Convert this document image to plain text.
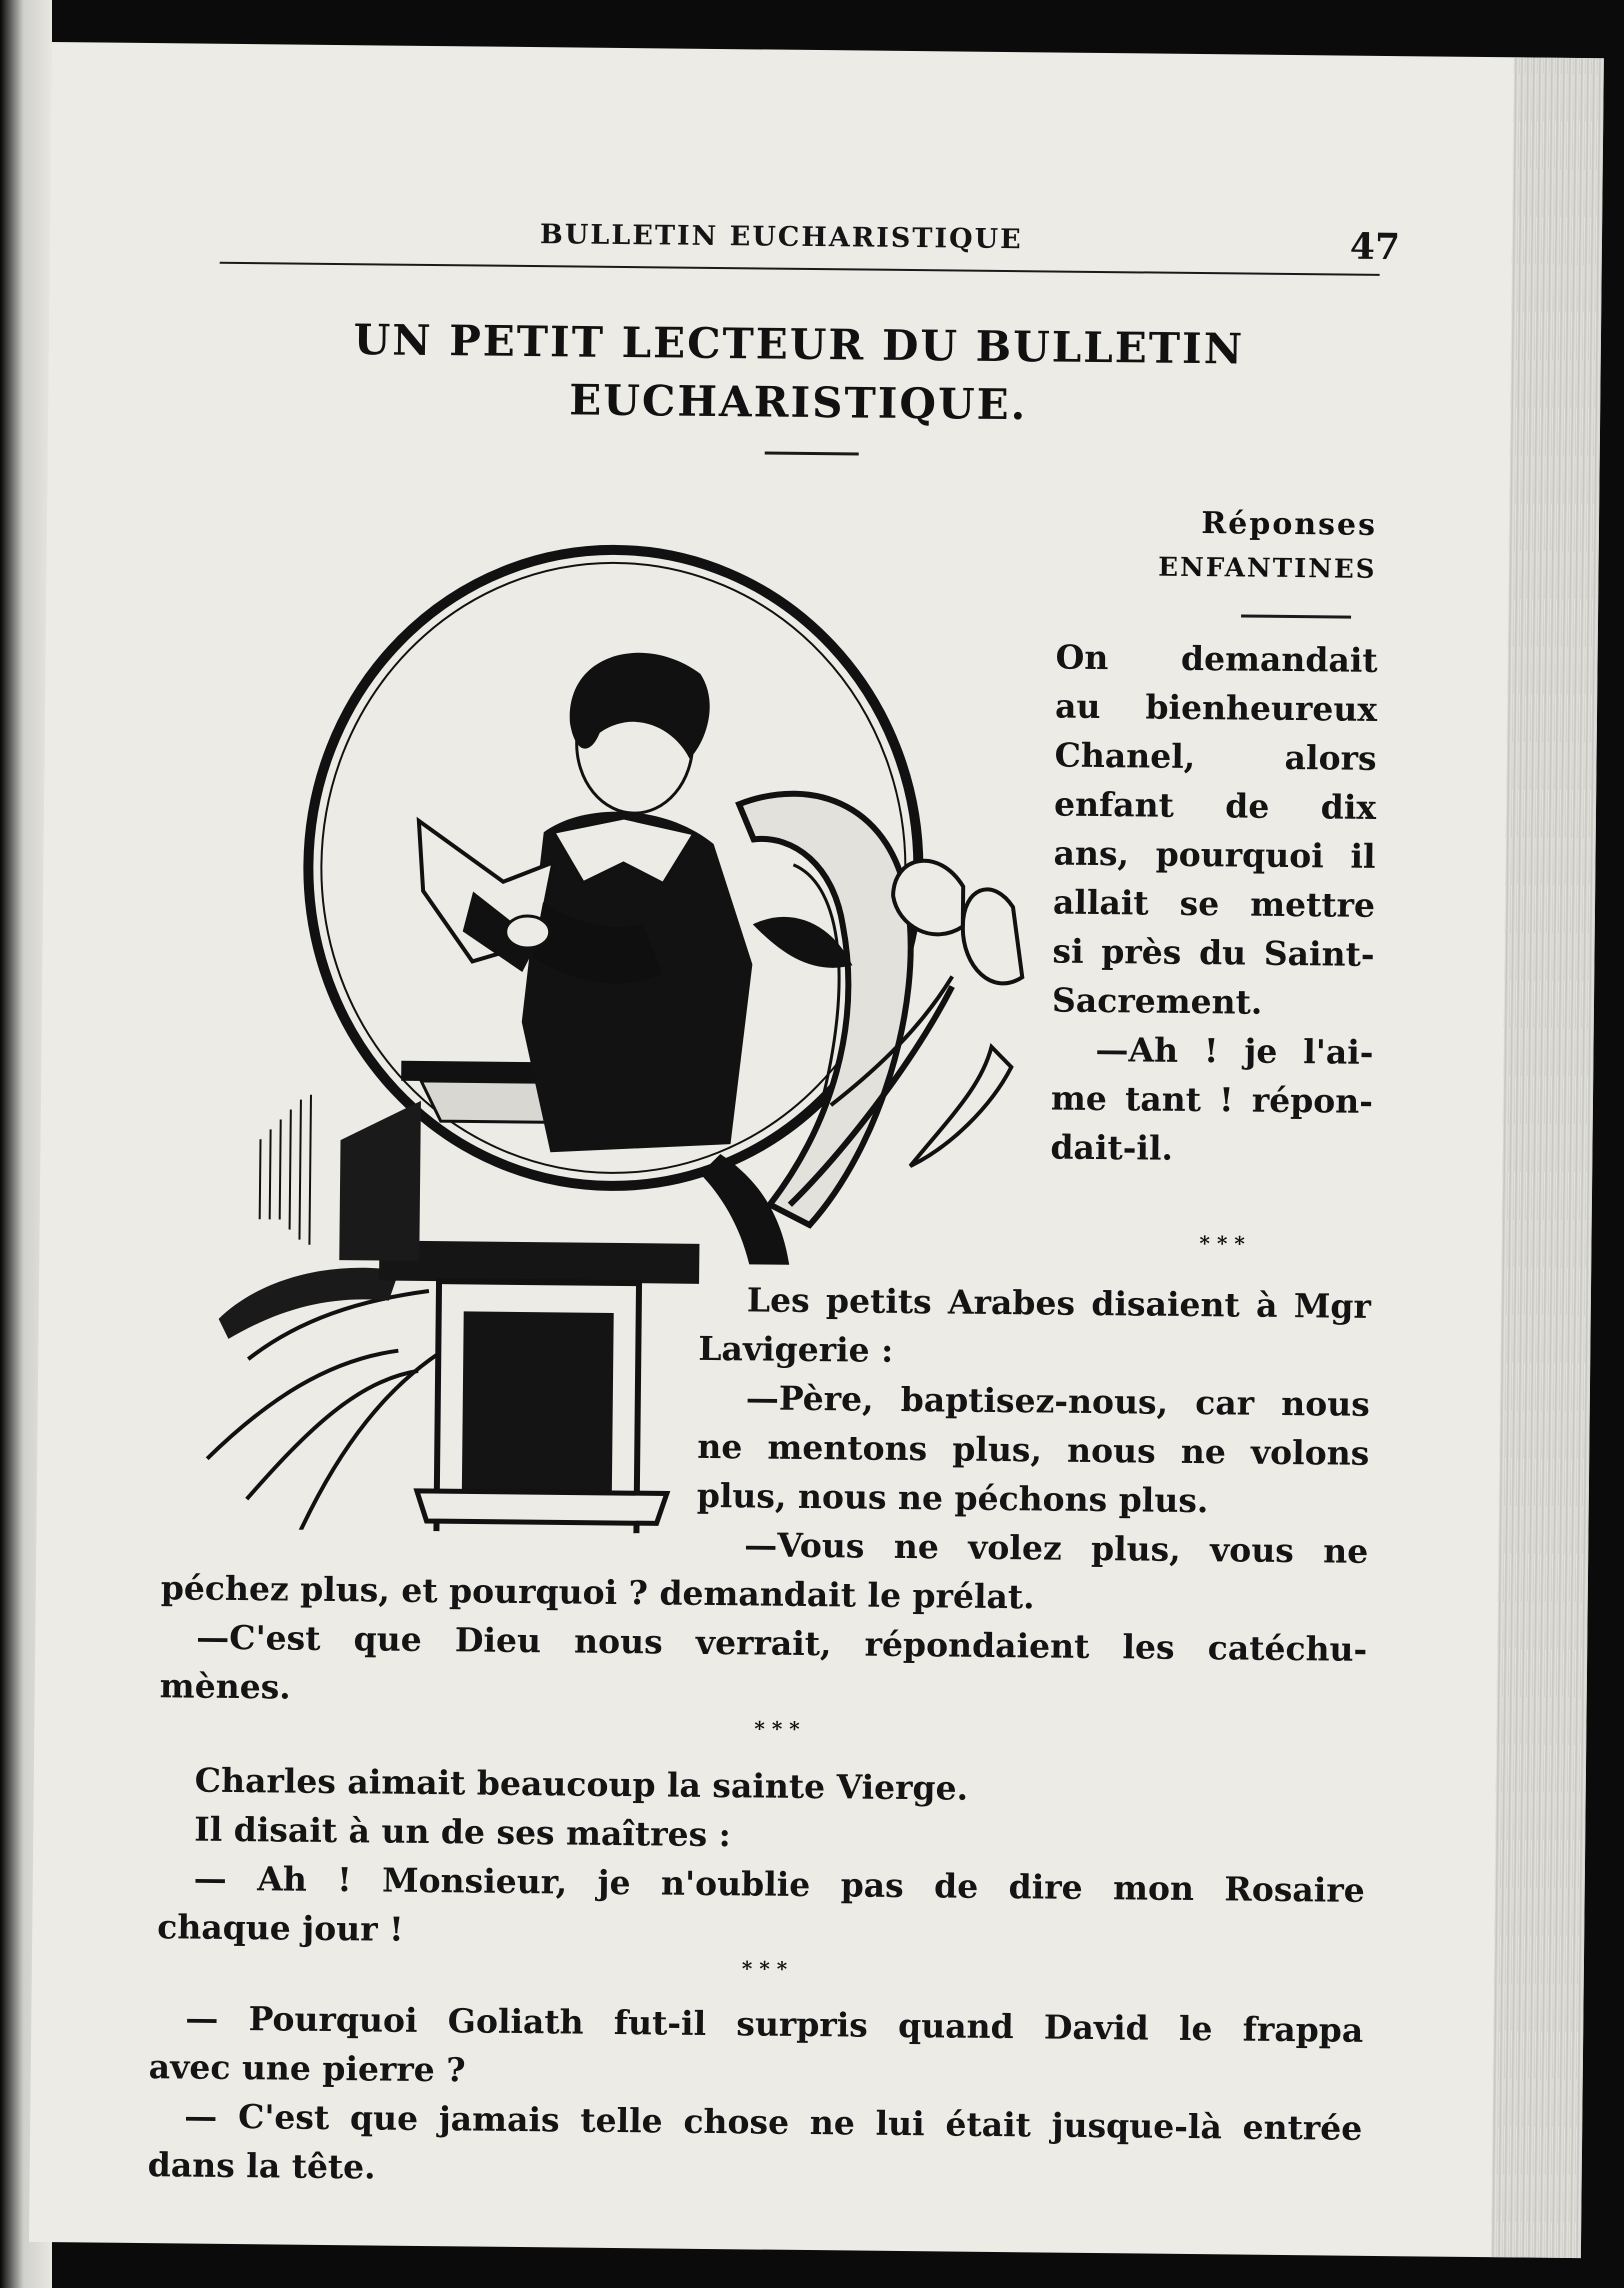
BULLETIN EUCHARISTIQUE	47
UN PETIT LECTEUR DU BULLETIN
EUCHARISTIQUE.
Réponses
ENFANTINES

On demandait

au bienheureux

Chanel, alors

enfant de dix

ans, pourquoi il

allait se mettre

si près du Saint-

Sacrement.

—Ah ! je l'ai-

me tant ! répon-

dait-il.

* * *

Les petits Arabes disaient à Mgr

Lavigerie :

—Père, baptisez-nous, car nous

ne mentons plus, nous ne volons

plus, nous ne péchons plus.

—Vous ne volez plus, vous ne

péchez plus, et pourquoi ? demandait le prélat.

—C'est que Dieu nous verrait, répondaient les catéchu-

mènes.

* * *

Charles aimait beaucoup la sainte Vierge.

Il disait à un de ses maîtres :

— Ah ! Monsieur, je n'oublie pas de dire mon Rosaire

chaque jour !

* * *

— Pourquoi Goliath fut-il surpris quand David le frappa

avec une pierre ?

— C'est que jamais telle chose ne lui était jusque-là entrée

dans la tête.
